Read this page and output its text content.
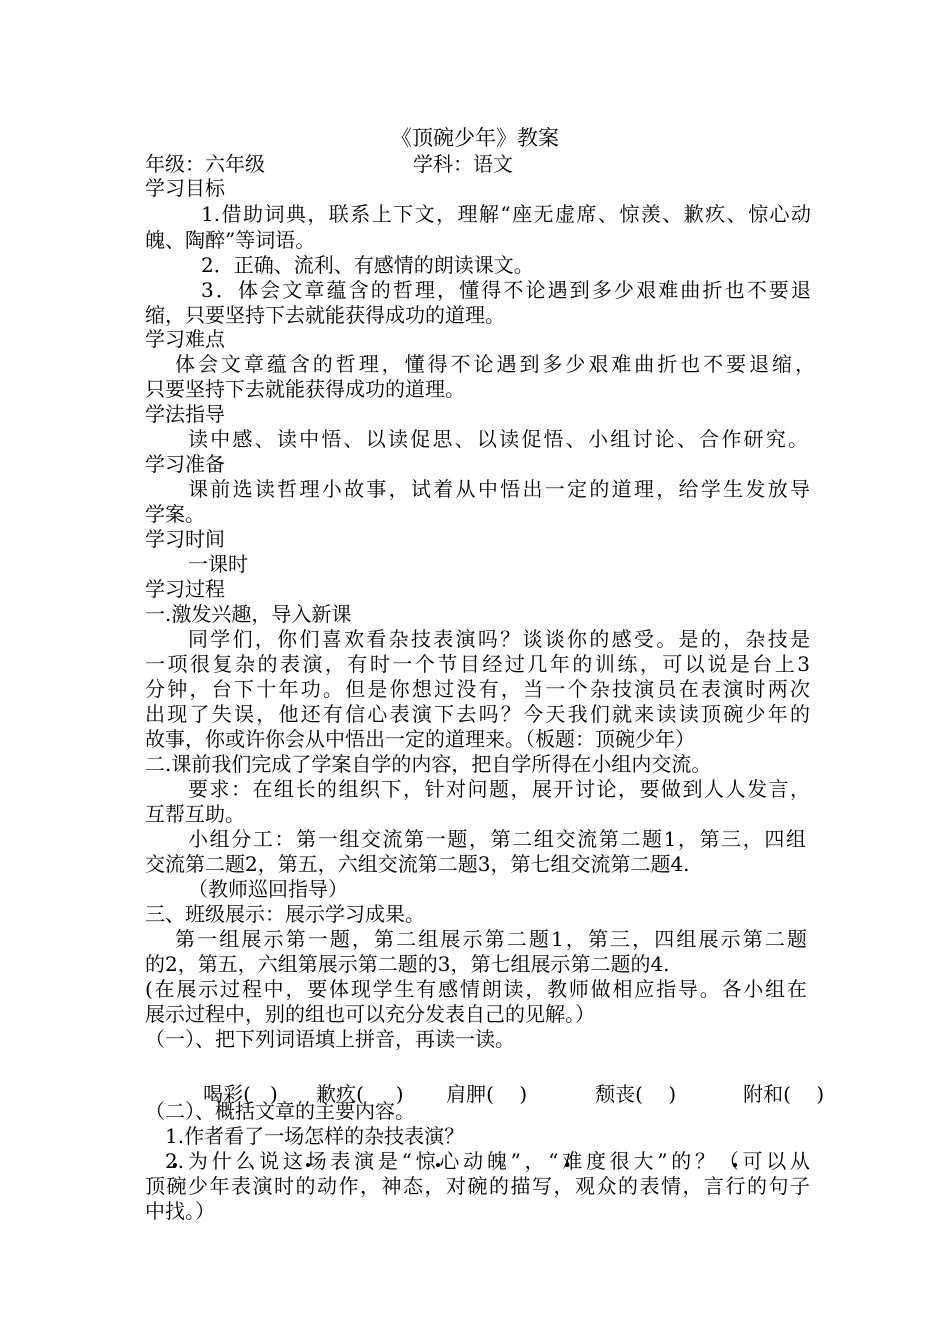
《顶碗少年》教案
年级：六年级	学科：语文
学习目标
1.借助词典，联系上下文，理解“座无虚席、惊羡、歉疚、惊心动
魄、陶醉”等词语。
2．正确、流利、有感情的朗读课文。
3．体会文章蕴含的哲理，懂得不论遇到多少艰难曲折也不要退
缩，只要坚持下去就能获得成功的道理。
学习难点
体会文章蕴含的哲理，懂得不论遇到多少艰难曲折也不要退缩，
只要坚持下去就能获得成功的道理。
学法指导
读中感、读中悟、以读促思、以读促悟、小组讨论、合作研究。
学习准备
课前选读哲理小故事，试着从中悟出一定的道理，给学生发放导
学案。
学习时间
一课时
学习过程
一.激发兴趣，导入新课
同学们，你们喜欢看杂技表演吗？谈谈你的感受。是的，杂技是
一项很复杂的表演，有时一个节目经过几年的训练，可以说是台上3
分钟，台下十年功。但是你想过没有，当一个杂技演员在表演时两次
出现了失误，他还有信心表演下去吗？今天我们就来读读顶碗少年的
故事，你或许你会从中悟出一定的道理来。（板题：顶碗少年）
二.课前我们完成了学案自学的内容，把自学所得在小组内交流。
要求：在组长的组织下，针对问题，展开讨论，要做到人人发言，
互帮互助。
小组分工：第一组交流第一题，第二组交流第二题1，第三，四组
交流第二题2，第五，六组交流第二题3，第七组交流第二题4.
（教师巡回指导）
三、班级展示：展示学习成果。
第一组展示第一题，第二组展示第二题1，第三，四组展示第二题
的2，第五，六组第展示第二题的3，第七组展示第二题的4.
(在展示过程中，要体现学生有感情朗读，教师做相应指导。各小组在
展示过程中，别的组也可以充分发表自己的见解。）
（一）、把下列词语填上拼音，再读一读。

喝彩(   )

	歉疚(     )

	肩胛(    )

	颓丧(    )

	附和(    )

（二）、概括文章的主要内容。
1.作者看了一场怎样的杂技表演？
2.为什么说这场表演是“惊心动魄”，“难度很大”的？（可以从
顶碗少年表演时的动作，神态，对碗的描写，观众的表情，言行的句子
中找。）
